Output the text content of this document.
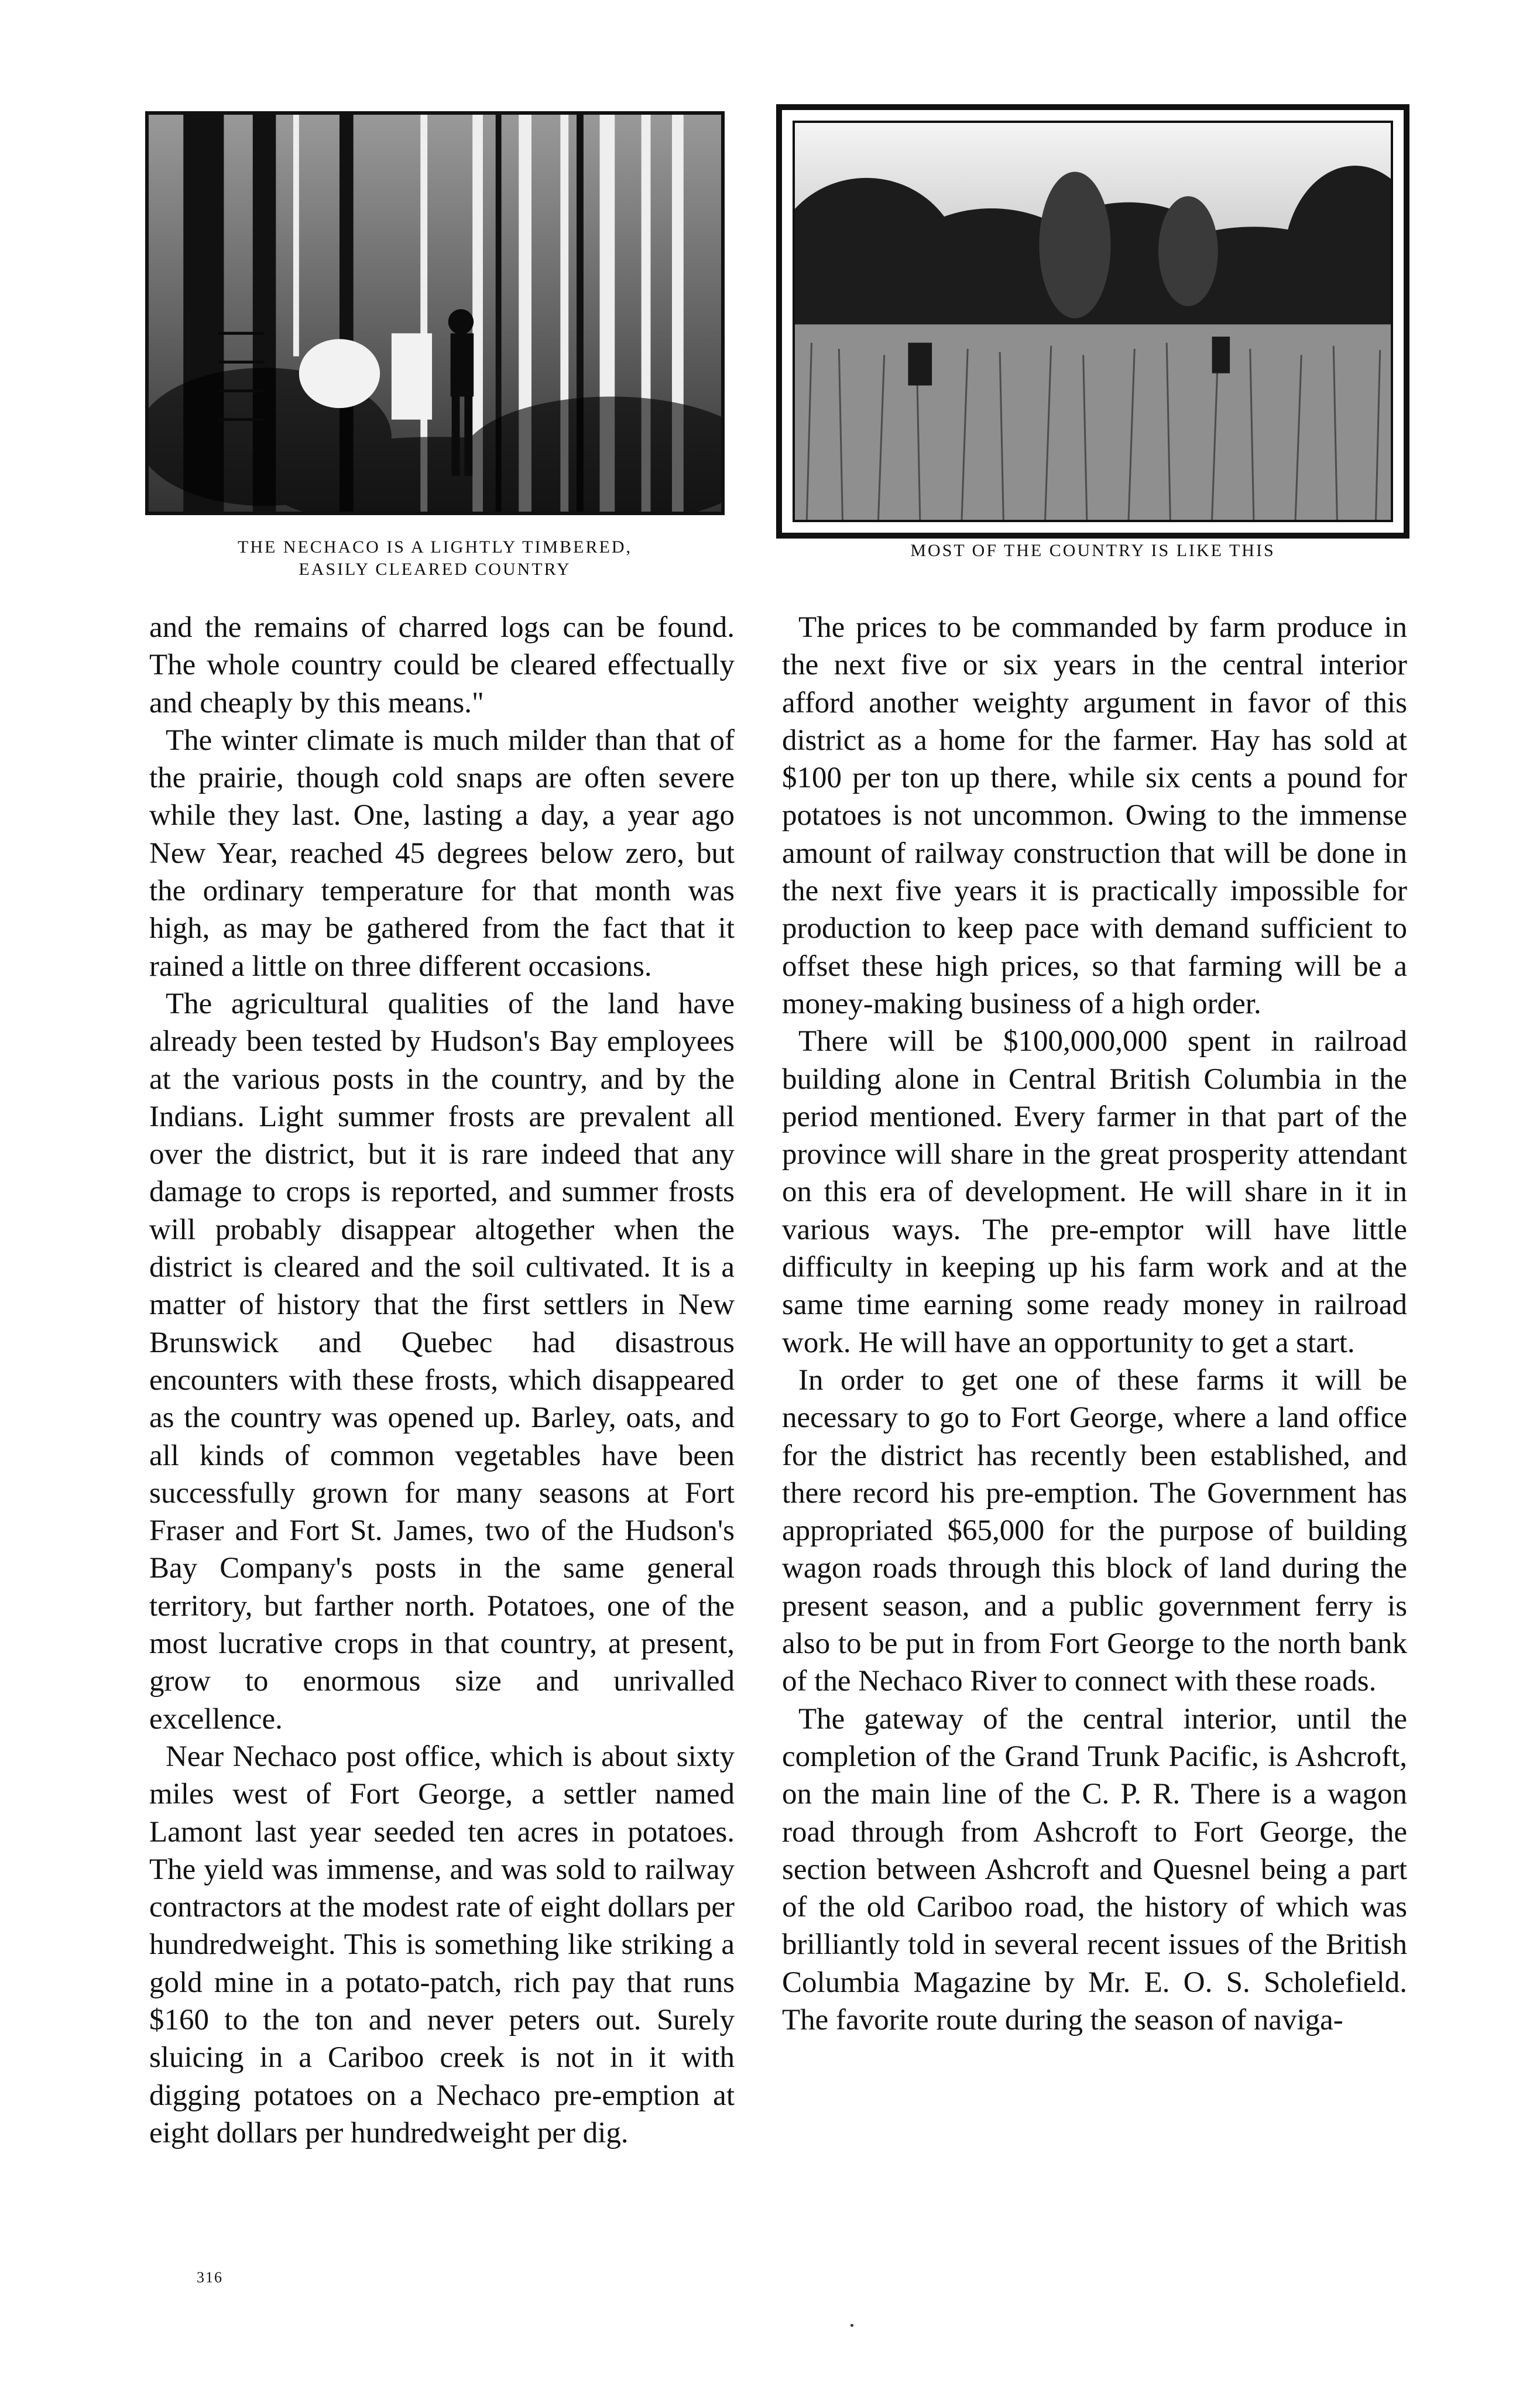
THE NECHACO IS A LIGHTLY TIMBERED,
EASILY CLEARED COUNTRY
MOST OF THE COUNTRY IS LIKE THIS

and the remains of charred logs can be found. The whole country could be cleared effectually and cheaply by this means."

The winter climate is much milder than that of the prairie, though cold snaps are often severe while they last. One, lasting a day, a year ago New Year, reached 45 degrees below zero, but the ordinary temperature for that month was high, as may be gathered from the fact that it rained a little on three different occasions.

The agricultural qualities of the land have already been tested by Hudson's Bay employees at the various posts in the country, and by the Indians. Light summer frosts are prevalent all over the district, but it is rare indeed that any damage to crops is reported, and summer frosts will probably disappear altogether when the district is cleared and the soil cultivated. It is a matter of history that the first settlers in New Brunswick and Quebec had disastrous encounters with these frosts, which disappeared as the country was opened up. Barley, oats, and all kinds of common vegetables have been successfully grown for many seasons at Fort Fraser and Fort St. James, two of the Hudson's Bay Company's posts in the same general territory, but farther north. Potatoes, one of the most lucrative crops in that country, at present, grow to enormous size and unrivalled excellence.

Near Nechaco post office, which is about sixty miles west of Fort George, a settler named Lamont last year seeded ten acres in potatoes. The yield was immense, and was sold to railway contractors at the modest rate of eight dollars per hundredweight. This is something like striking a gold mine in a potato-patch, rich pay that runs $160 to the ton and never peters out. Surely sluicing in a Cariboo creek is not in it with digging potatoes on a Nechaco pre-emption at eight dollars per hundredweight per dig.

The prices to be commanded by farm produce in the next five or six years in the central interior afford another weighty argument in favor of this district as a home for the farmer. Hay has sold at $100 per ton up there, while six cents a pound for potatoes is not uncommon. Owing to the immense amount of railway construction that will be done in the next five years it is practically impossible for production to keep pace with demand sufficient to offset these high prices, so that farming will be a money-making business of a high order.

There will be $100,000,000 spent in railroad building alone in Central British Columbia in the period mentioned. Every farmer in that part of the province will share in the great prosperity attendant on this era of development. He will share in it in various ways. The pre-emptor will have little difficulty in keeping up his farm work and at the same time earning some ready money in railroad work. He will have an opportunity to get a start.

In order to get one of these farms it will be necessary to go to Fort George, where a land office for the district has recently been established, and there record his pre-emption. The Government has appropriated $65,000 for the purpose of building wagon roads through this block of land during the present season, and a public government ferry is also to be put in from Fort George to the north bank of the Nechaco River to connect with these roads.

The gateway of the central interior, until the completion of the Grand Trunk Pacific, is Ashcroft, on the main line of the C. P. R. There is a wagon road through from Ashcroft to Fort George, the section between Ashcroft and Quesnel being a part of the old Cariboo road, the history of which was brilliantly told in several recent issues of the British Columbia Magazine by Mr. E. O. S. Scholefield. The favorite route during the season of naviga-

316
